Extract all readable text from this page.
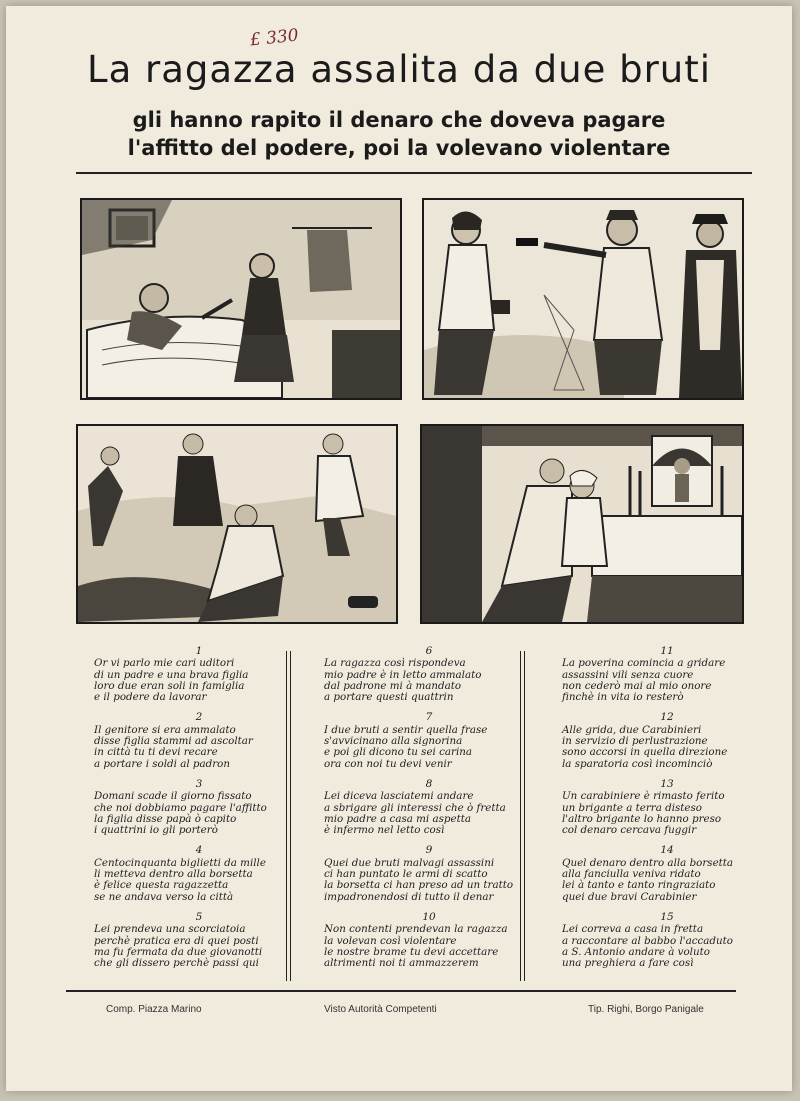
£ 330
La ragazza assalita da due bruti
gli hanno rapito il denaro che doveva pagare
l'affitto del podere, poi la volevano violentare
1
Or vi parlo mie cari uditori
di un padre e una brava figlia
loro due eran soli in famiglia
e il podere da lavorar
2
Il genitore si era ammalato
disse figlia stammi ad ascoltar
in città tu ti devi recare
a portare i soldi al padron
3
Domani scade il giorno fissato
che noi dobbiamo pagare l'affitto
la figlia disse papà ò capito
i quattrini io gli porterò
4
Centocinquanta biglietti da mille
li metteva dentro alla borsetta
è felice questa ragazzetta
se ne andava verso la città
5
Lei prendeva una scorciatoia
perchè pratica era di quei posti
ma fu fermata da due giovanotti
che gli dissero perchè passi qui
6
La ragazza così rispondeva
mio padre è in letto ammalato
dal padrone mi à mandato
a portare questi quattrin
7
I due bruti a sentir quella frase
s'avvicinano alla signorina
e poi gli dicono tu sei carina
ora con noi tu devi venir
8
Lei diceva lasciatemi andare
a sbrigare gli interessi che ò fretta
mio padre a casa mi aspetta
è infermo nel letto così
9
Quei due bruti malvagi assassini
ci han puntato le armi di scatto
la borsetta ci han preso ad un tratto
impadronendosi di tutto il denar
10
Non contenti prendevan la ragazza
la volevan così violentare
le nostre brame tu devi accettare
altrimenti noi ti ammazzerem
11
La poverina comincia a gridare
assassini vili senza cuore
non cederò mai al mio onore
finchè in vita io resterò
12
Alle grida, due Carabinieri
in servizio di perlustrazione
sono accorsi in quella direzione
la sparatoria così incominciò
13
Un carabiniere è rimasto ferito
un brigante a terra disteso
l'altro brigante lo hanno preso
col denaro cercava fuggir
14
Quel denaro dentro alla borsetta
alla fanciulla veniva ridato
lei à tanto e tanto ringraziato
quei due bravi Carabinier
15
Lei correva a casa in fretta
a raccontare al babbo l'accaduto
a S. Antonio andare à voluto
una preghiera a fare così
Comp. Piazza Marino	Visto Autorità Competenti	Tip. Righi, Borgo Panigale
